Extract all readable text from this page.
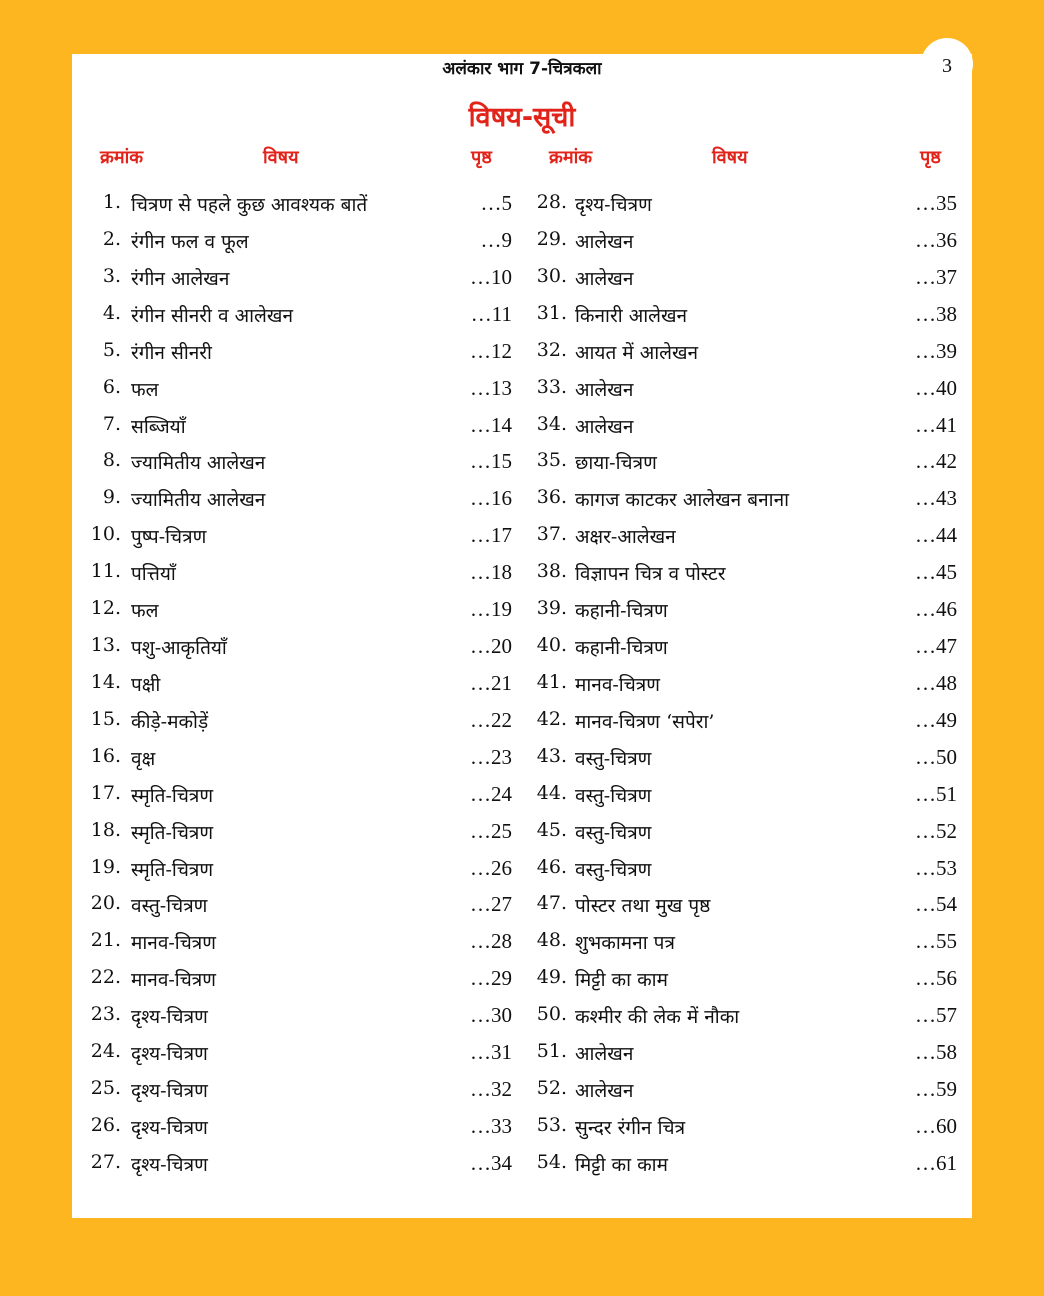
अलंकार भाग 7-चित्रकला	3
विषय-सूची
क्रमांक	विषय	पृष्ठ	क्रमांक	विषय	पृष्ठ
1. चित्रण से पहले कुछ आवश्यक बातें	…5
2. रंगीन फल व फूल	…9
3. रंगीन आलेखन	…10
4. रंगीन सीनरी व आलेखन	…11
5. रंगीन सीनरी	…12
6. फल	…13
7. सब्जियाँ	…14
8. ज्यामितीय आलेखन	…15
9. ज्यामितीय आलेखन	…16
10. पुष्प-चित्रण	…17
11. पत्तियाँ	…18
12. फल	…19
13. पशु-आकृतियाँ	…20
14. पक्षी	…21
15. कीड़े-मकोड़ें	…22
16. वृक्ष	…23
17. स्मृति-चित्रण	…24
18. स्मृति-चित्रण	…25
19. स्मृति-चित्रण	…26
20. वस्तु-चित्रण	…27
21. मानव-चित्रण	…28
22. मानव-चित्रण	…29
23. दृश्य-चित्रण	…30
24. दृश्य-चित्रण	…31
25. दृश्य-चित्रण	…32
26. दृश्य-चित्रण	…33
27. दृश्य-चित्रण	…34
28. दृश्य-चित्रण	…35
29. आलेखन	…36
30. आलेखन	…37
31. किनारी आलेखन	…38
32. आयत में आलेखन	…39
33. आलेखन	…40
34. आलेखन	…41
35. छाया-चित्रण	…42
36. कागज काटकर आलेखन बनाना	…43
37. अक्षर-आलेखन	…44
38. विज्ञापन चित्र व पोस्टर	…45
39. कहानी-चित्रण	…46
40. कहानी-चित्रण	…47
41. मानव-चित्रण	…48
42. मानव-चित्रण ‘सपेरा’	…49
43. वस्तु-चित्रण	…50
44. वस्तु-चित्रण	…51
45. वस्तु-चित्रण	…52
46. वस्तु-चित्रण	…53
47. पोस्टर तथा मुख पृष्ठ	…54
48. शुभकामना पत्र	…55
49. मिट्टी का काम	…56
50. कश्मीर की लेक में नौका	…57
51. आलेखन	…58
52. आलेखन	…59
53. सुन्दर रंगीन चित्र	…60
54. मिट्टी का काम	…61
